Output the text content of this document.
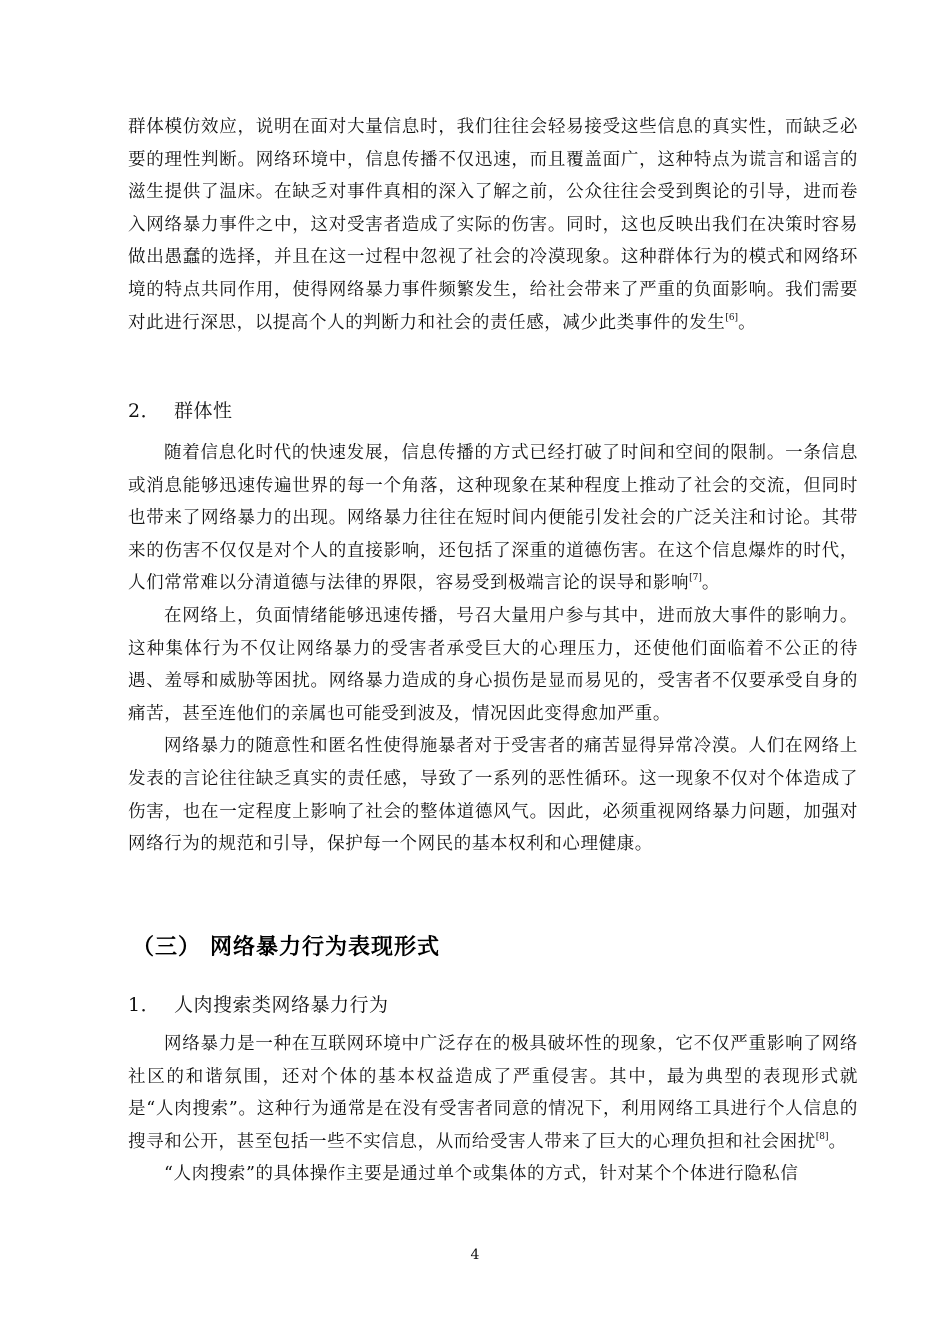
群体模仿效应，说明在面对大量信息时，我们往往会轻易接受这些信息的真实性，而缺乏必要的理性判断。网络环境中，信息传播不仅迅速，而且覆盖面广，这种特点为谎言和谣言的滋生提供了温床。在缺乏对事件真相的深入了解之前，公众往往会受到舆论的引导，进而卷入网络暴力事件之中，这对受害者造成了实际的伤害。同时，这也反映出我们在决策时容易做出愚蠢的选择，并且在这一过程中忽视了社会的冷漠现象。这种群体行为的模式和网络环境的特点共同作用，使得网络暴力事件频繁发生，给社会带来了严重的负面影响。我们需要对此进行深思，以提高个人的判断力和社会的责任感，减少此类事件的发生[6]。

2． 群体性

随着信息化时代的快速发展，信息传播的方式已经打破了时间和空间的限制。一条信息或消息能够迅速传遍世界的每一个角落，这种现象在某种程度上推动了社会的交流，但同时也带来了网络暴力的出现。网络暴力往往在短时间内便能引发社会的广泛关注和讨论。其带来的伤害不仅仅是对个人的直接影响，还包括了深重的道德伤害。在这个信息爆炸的时代，人们常常难以分清道德与法律的界限，容易受到极端言论的误导和影响[7]。

在网络上，负面情绪能够迅速传播，号召大量用户参与其中，进而放大事件的影响力。这种集体行为不仅让网络暴力的受害者承受巨大的心理压力，还使他们面临着不公正的待遇、羞辱和威胁等困扰。网络暴力造成的身心损伤是显而易见的，受害者不仅要承受自身的痛苦，甚至连他们的亲属也可能受到波及，情况因此变得愈加严重。

网络暴力的随意性和匿名性使得施暴者对于受害者的痛苦显得异常冷漠。人们在网络上发表的言论往往缺乏真实的责任感，导致了一系列的恶性循环。这一现象不仅对个体造成了伤害，也在一定程度上影响了社会的整体道德风气。因此，必须重视网络暴力问题，加强对网络行为的规范和引导，保护每一个网民的基本权利和心理健康。

（三） 网络暴力行为表现形式
1． 人肉搜索类网络暴力行为

网络暴力是一种在互联网环境中广泛存在的极具破坏性的现象，它不仅严重影响了网络社区的和谐氛围，还对个体的基本权益造成了严重侵害。其中，最为典型的表现形式就是“人肉搜索”。这种行为通常是在没有受害者同意的情况下，利用网络工具进行个人信息的搜寻和公开，甚至包括一些不实信息，从而给受害人带来了巨大的心理负担和社会困扰[8]。

“人肉搜索”的具体操作主要是通过单个或集体的方式，针对某个个体进行隐私信

4
